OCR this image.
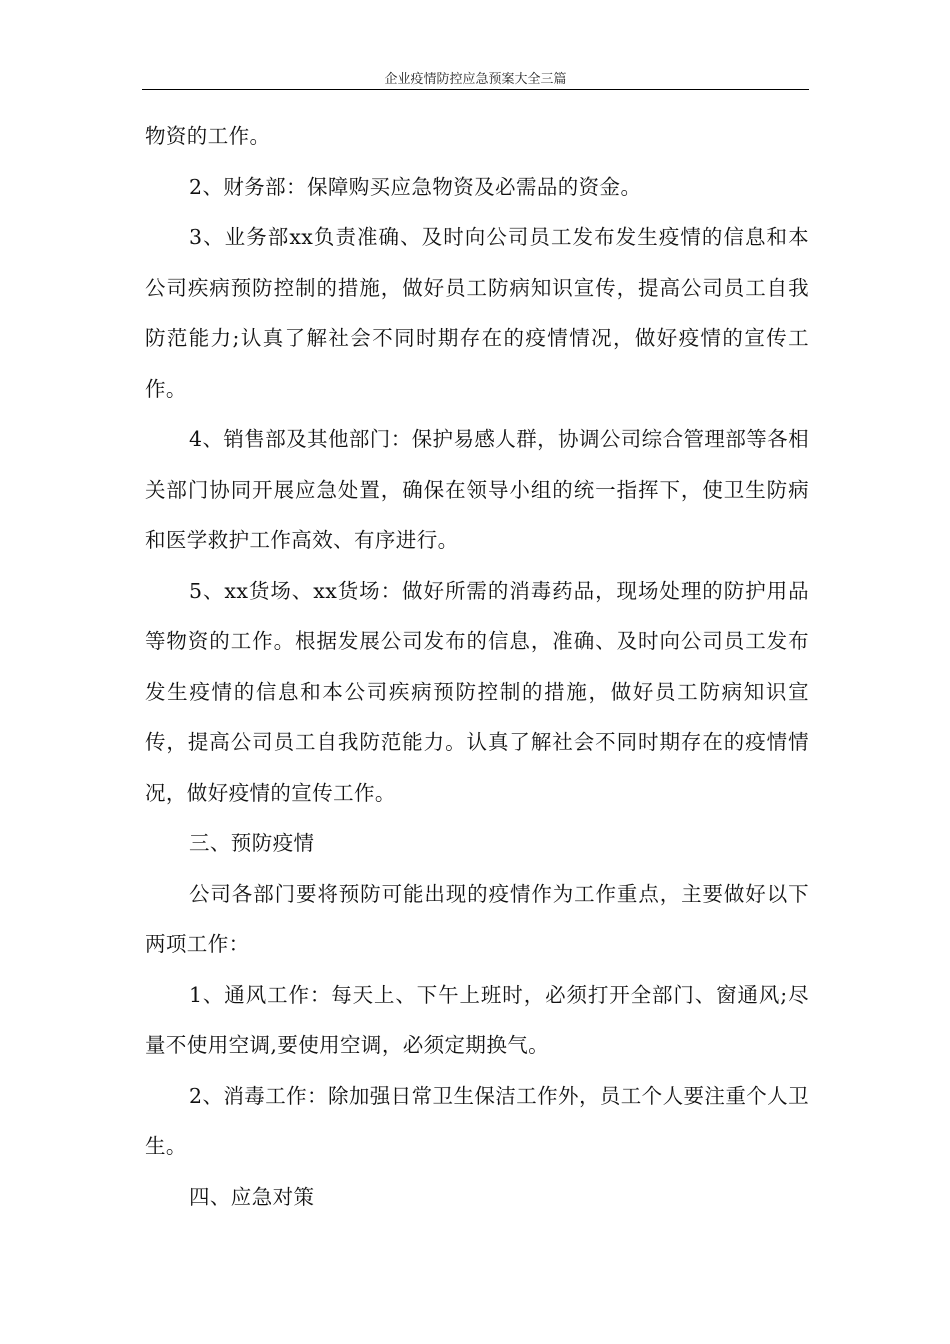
企业疫情防控应急预案大全三篇

物资的工作。

2、财务部：保障购买应急物资及必需品的资金。

3、业务部xx负责准确、及时向公司员工发布发生疫情的信息和本公司疾病预防控制的措施，做好员工防病知识宣传，提高公司员工自我防范能力;认真了解社会不同时期存在的疫情情况，做好疫情的宣传工作。

4、销售部及其他部门：保护易感人群，协调公司综合管理部等各相关部门协同开展应急处置，确保在领导小组的统一指挥下，使卫生防病和医学救护工作高效、有序进行。

5、xx货场、xx货场：做好所需的消毒药品，现场处理的防护用品等物资的工作。根据发展公司发布的信息，准确、及时向公司员工发布发生疫情的信息和本公司疾病预防控制的措施，做好员工防病知识宣传，提高公司员工自我防范能力。认真了解社会不同时期存在的疫情情况，做好疫情的宣传工作。

三、预防疫情

公司各部门要将预防可能出现的疫情作为工作重点，主要做好以下两项工作：

1、通风工作：每天上、下午上班时，必须打开全部门、窗通风;尽量不使用空调,要使用空调，必须定期换气。

2、消毒工作：除加强日常卫生保洁工作外，员工个人要注重个人卫生。

四、应急对策
